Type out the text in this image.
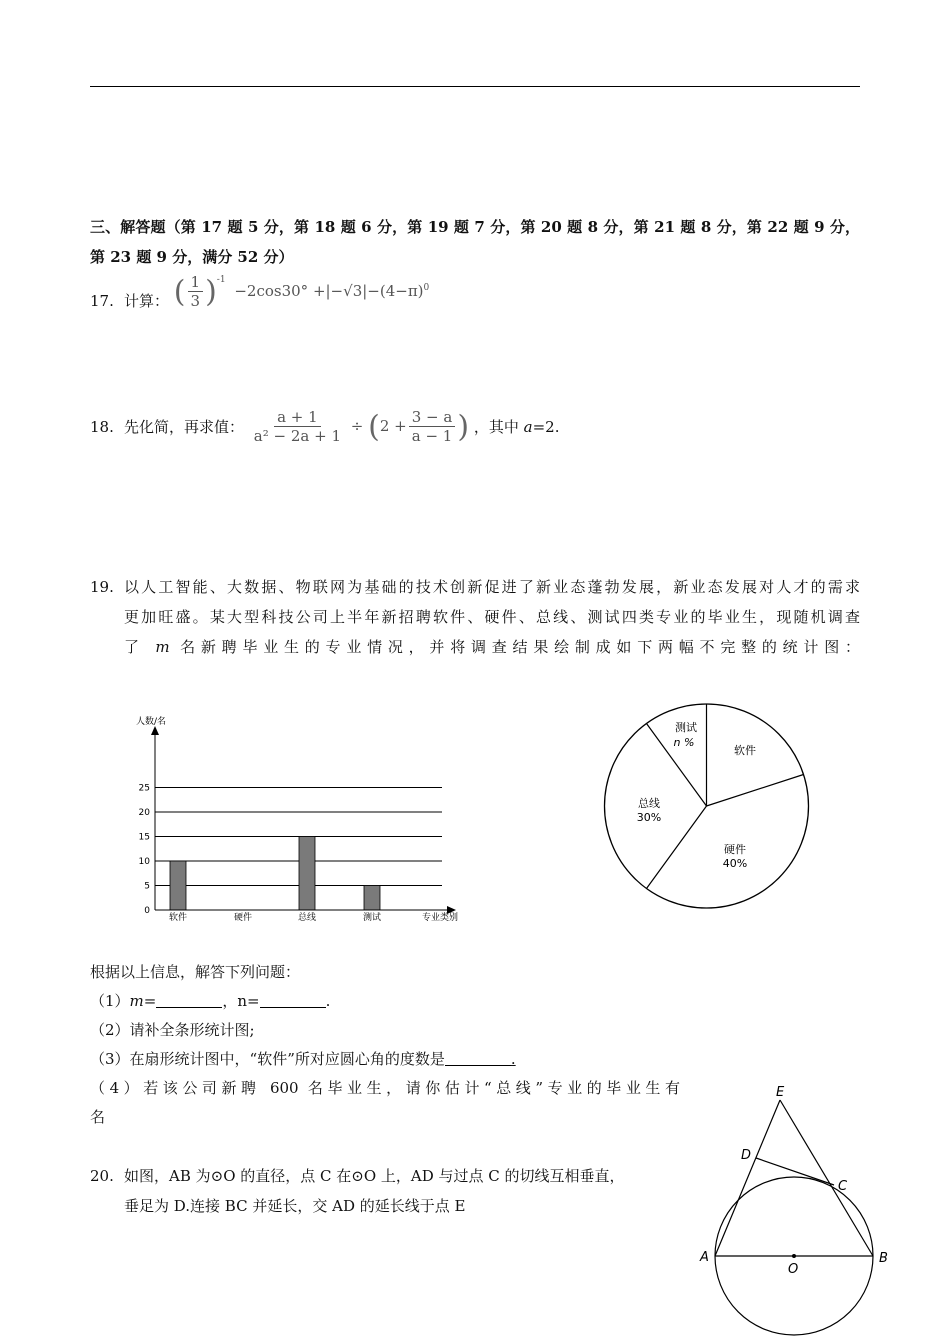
三、解答题（第 17 题 5 分，第 18 题 6 分，第 19 题 7 分，第 20 题 8 分，第 21 题 8 分，第 22 题 9 分，第 23 题 9 分，满分 52 分）
17. 计算： ( $\frac{1}{3} )^{-1} -2\cos 30^\circ +|-√3|-(4-\pi)^0$
18. 先化简，再求值： $\frac{a + 1}{\text{a² − 2a + 1}} \div (2 + \frac{3 - a}{a - 1}$ ) ，其中 a=2.
19. 以人工智能、大数据、物联网为基础的技术创新促进了新业态蓬勃发展，新业态发展对人才的需求
更加旺盛。某大型科技公司上半年新招聘软件、硬件、总线、测试四类专业的毕业生，现随机调查
了 m 名新聘毕业生的专业情况，并将调查结果绘制成如下两幅不完整的统计图：
0
5
10
15
20
25
软件	硬件	总线	测试
人数/名
专业类别
软件
硬件
40%
总线
30%
测试
n %
根据以上信息，解答下列问题：
（1）m=	，n=	.
（2）请补全条形统计图;
（3）在扇形统计图中，“软件”所对应圆心角的度数是	.
（4）若该公司新聘 600 名毕业生，请你估计“总线”专业的毕业生有
名
20. 如图，AB 为⊙O 的直径，点 C 在⊙O 上，AD 与过点 C 的切线互相垂直，
垂足为 D.连接 BC 并延长，交 AD 的延长线于点 E
E
D
C
A	B
O
